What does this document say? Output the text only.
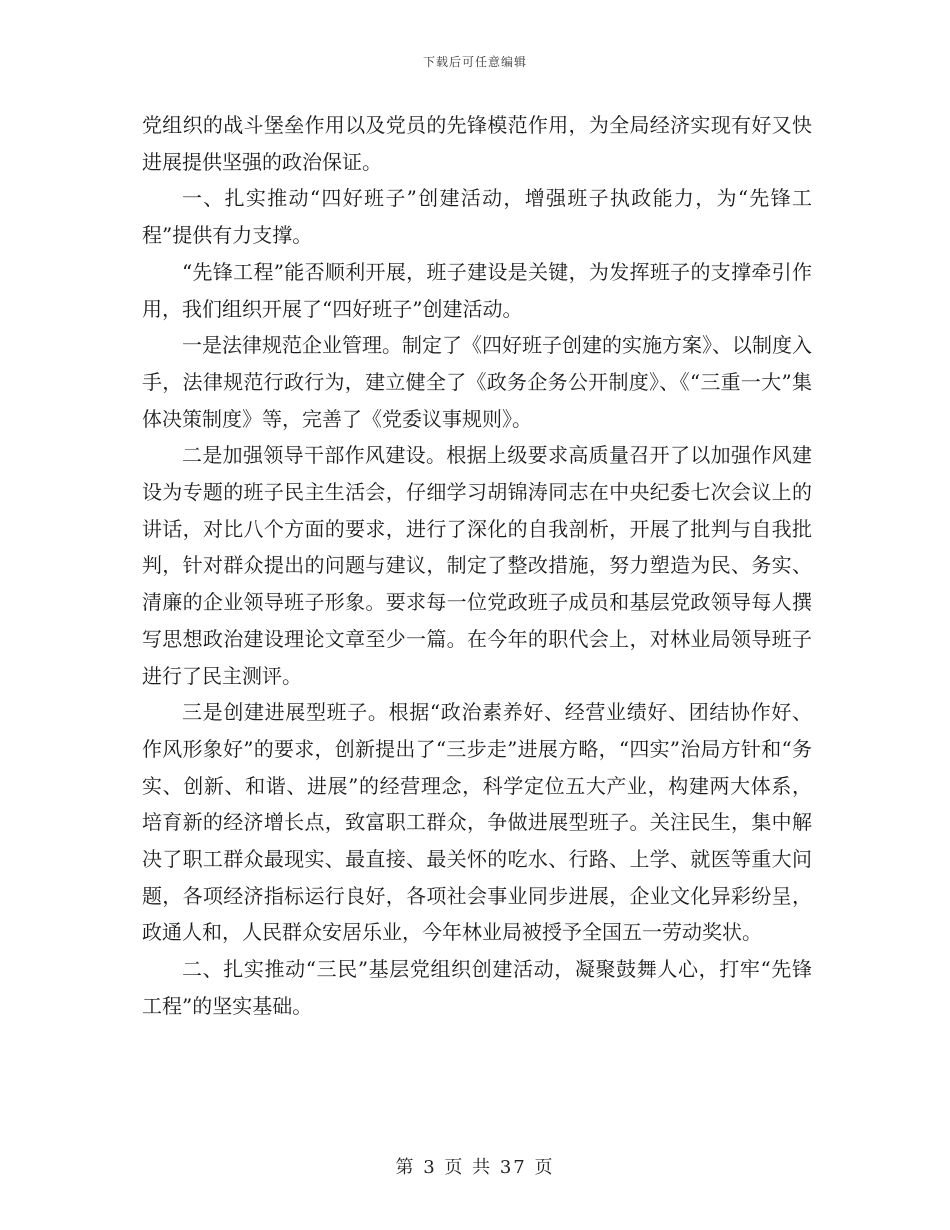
下载后可任意编辑

党组织的战斗堡垒作用以及党员的先锋模范作用，为全局经济实现有好又快进展提供坚强的政治保证。

一、扎实推动“四好班子”创建活动，增强班子执政能力，为“先锋工程”提供有力支撑。

“先锋工程”能否顺利开展，班子建设是关键，为发挥班子的支撑牵引作用，我们组织开展了“四好班子”创建活动。

一是法律规范企业管理。制定了《四好班子创建的实施方案》、以制度入手，法律规范行政行为，建立健全了《政务企务公开制度》、《“三重一大”集体决策制度》等，完善了《党委议事规则》。

二是加强领导干部作风建设。根据上级要求高质量召开了以加强作风建设为专题的班子民主生活会，仔细学习胡锦涛同志在中央纪委七次会议上的讲话，对比八个方面的要求，进行了深化的自我剖析，开展了批判与自我批判，针对群众提出的问题与建议，制定了整改措施，努力塑造为民、务实、清廉的企业领导班子形象。要求每一位党政班子成员和基层党政领导每人撰写思想政治建设理论文章至少一篇。在今年的职代会上，对林业局领导班子进行了民主测评。

三是创建进展型班子。根据“政治素养好、经营业绩好、团结协作好、作风形象好”的要求，创新提出了“三步走”进展方略，“四实”治局方针和“务实、创新、和谐、进展”的经营理念，科学定位五大产业，构建两大体系，培育新的经济增长点，致富职工群众，争做进展型班子。关注民生，集中解决了职工群众最现实、最直接、最关怀的吃水、行路、上学、就医等重大问题，各项经济指标运行良好，各项社会事业同步进展，企业文化异彩纷呈，政通人和，人民群众安居乐业，今年林业局被授予全国五一劳动奖状。

二、扎实推动“三民”基层党组织创建活动，凝聚鼓舞人心，打牢“先锋工程”的坚实基础。

第 3 页 共 37 页
